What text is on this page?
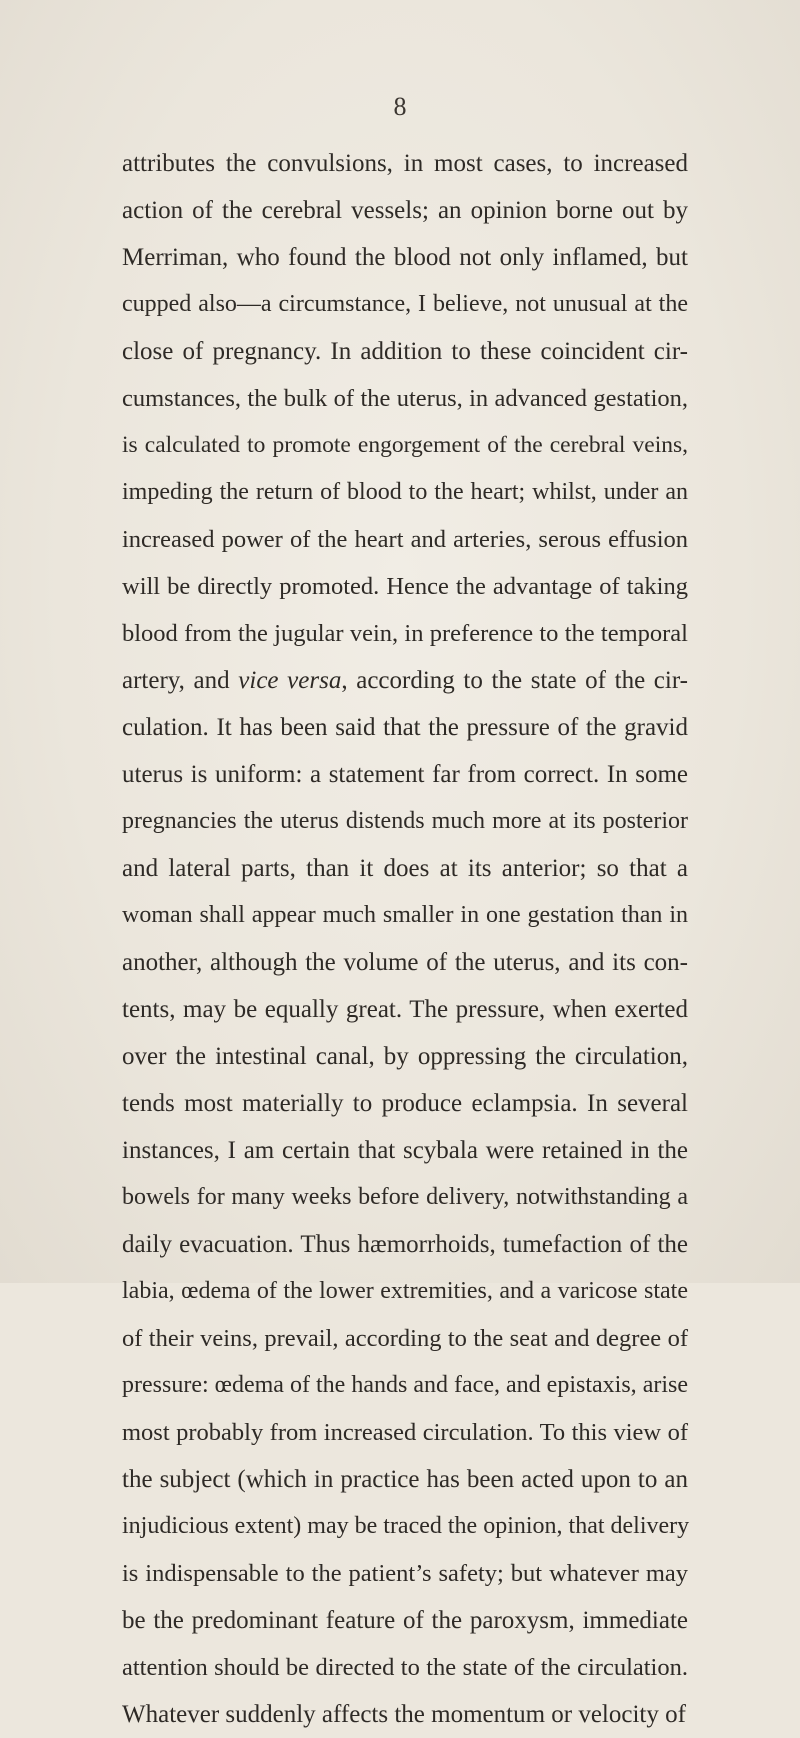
8
attributes the convulsions, in most cases, to increased
action of the cerebral vessels; an opinion borne out by
Merriman, who found the blood not only inflamed, but
cupped also—a circumstance, I believe, not unusual at the
close of pregnancy. In addition to these coincident cir-
cumstances, the bulk of the uterus, in advanced gestation,
is calculated to promote engorgement of the cerebral veins,
impeding the return of blood to the heart; whilst, under an
increased power of the heart and arteries, serous effusion
will be directly promoted. Hence the advantage of taking
blood from the jugular vein, in preference to the temporal
artery, and vice versa, according to the state of the cir-
culation. It has been said that the pressure of the gravid
uterus is uniform: a statement far from correct. In some
pregnancies the uterus distends much more at its posterior
and lateral parts, than it does at its anterior; so that a
woman shall appear much smaller in one gestation than in
another, although the volume of the uterus, and its con-
tents, may be equally great. The pressure, when exerted
over the intestinal canal, by oppressing the circulation,
tends most materially to produce eclampsia. In several
instances, I am certain that scybala were retained in the
bowels for many weeks before delivery, notwithstanding a
daily evacuation. Thus hæmorrhoids, tumefaction of the
labia, œdema of the lower extremities, and a varicose state
of their veins, prevail, according to the seat and degree of
pressure: œdema of the hands and face, and epistaxis, arise
most probably from increased circulation. To this view of
the subject (which in practice has been acted upon to an
injudicious extent) may be traced the opinion, that delivery
is indispensable to the patient’s safety; but whatever may
be the predominant feature of the paroxysm, immediate
attention should be directed to the state of the circulation.
Whatever suddenly affects the momentum or velocity of
